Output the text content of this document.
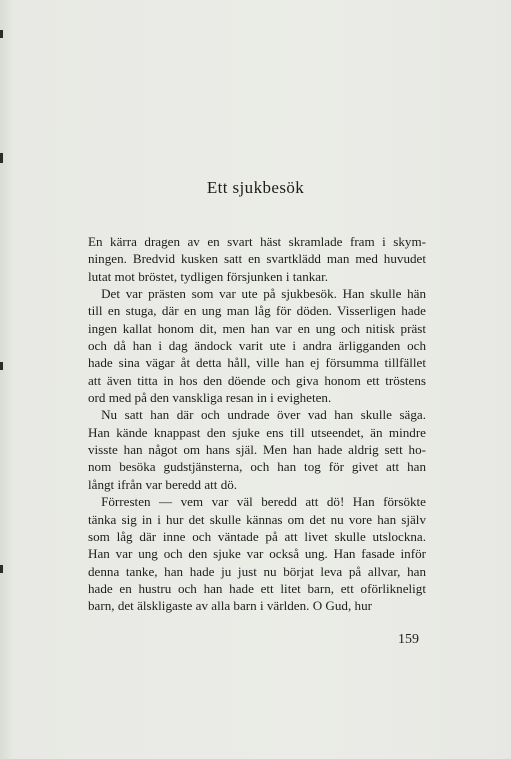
Ett sjukbesök

En kärra dragen av en svart häst skramlade fram i skym-
ningen. Bredvid kusken satt en svartklädd man med huvudet
lutat mot bröstet, tydligen försjunken i tankar.

 Det var prästen som var ute på sjukbesök. Han skulle hän
till en stuga, där en ung man låg för döden. Visserligen hade
ingen kallat honom dit, men han var en ung och nitisk präst
och då han i dag ändock varit ute i andra ärligganden och
hade sina vägar åt detta håll, ville han ej försumma tillfället
att även titta in hos den döende och giva honom ett tröstens
ord med på den vanskliga resan in i evigheten.

 Nu satt han där och undrade över vad han skulle säga.
Han kände knappast den sjuke ens till utseendet, än mindre
visste han något om hans själ. Men han hade aldrig sett ho-
nom besöka gudstjänsterna, och han tog för givet att han
långt ifrån var beredd att dö.

 Förresten — vem var väl beredd att dö! Han försökte
tänka sig in i hur det skulle kännas om det nu vore han själv
som låg där inne och väntade på att livet skulle utslockna.
Han var ung och den sjuke var också ung. Han fasade inför
denna tanke, han hade ju just nu börjat leva på allvar, han
hade en hustru och han hade ett litet barn, ett oförlikneligt
barn, det älskligaste av alla barn i världen. O Gud, hur

159
